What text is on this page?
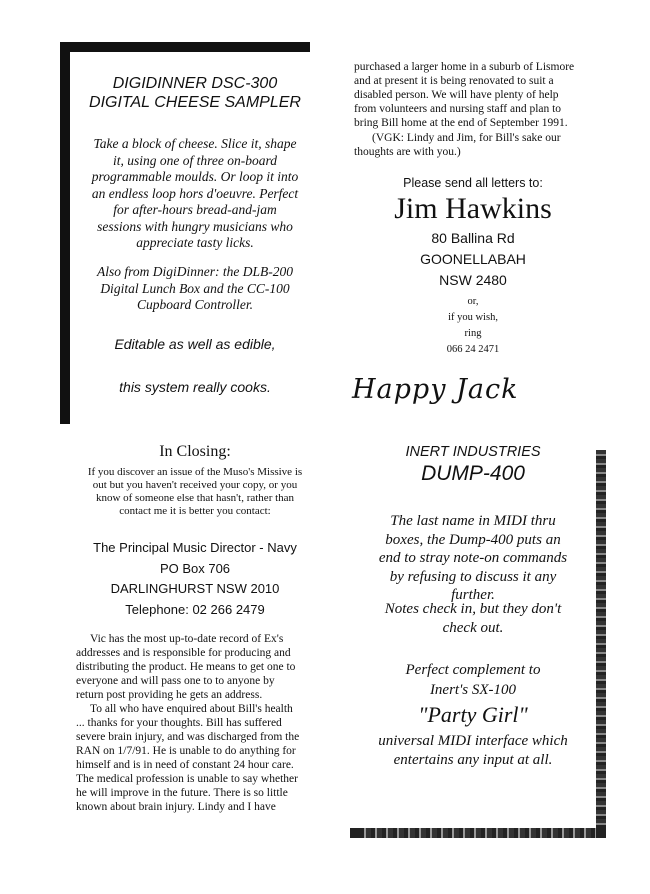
DIGIDINNER DSC-300
DIGITAL CHEESE SAMPLER
Take a block of cheese. Slice it, shape
it, using one of three on-board
programmable moulds. Or loop it into
an endless loop hors d'oeuvre. Perfect
for after-hours bread-and-jam
sessions with hungry musicians who
appreciate tasty licks.
Also from DigiDinner: the DLB-200
Digital Lunch Box and the CC-100
Cupboard Controller.
Editable as well as edible,
this system really cooks.
In Closing:
If you discover an issue of the Muso's Missive is
out but you haven't received your copy, or you
know of someone else that hasn't, rather than
contact me it is better you contact:
The Principal Music Director - Navy
PO Box 706
DARLINGHURST NSW 2010
Telephone: 02 266 2479
Vic has the most up-to-date record of Ex's
addresses and is responsible for producing and
distributing the product. He means to get one to
everyone and will pass one to to anyone by
return post providing he gets an address.
To all who have enquired about Bill's health
... thanks for your thoughts. Bill has suffered
severe brain injury, and was discharged from the
RAN on 1/7/91. He is unable to do anything for
himself and is in need of constant 24 hour care.
The medical profession is unable to say whether
he will improve in the future. There is so little
known about brain injury. Lindy and I have
purchased a larger home in a suburb of Lismore
and at present it is being renovated to suit a
disabled person. We will have plenty of help
from volunteers and nursing staff and plan to
bring Bill home at the end of September 1991.
(VGK: Lindy and Jim, for Bill's sake our
thoughts are with you.)
Please send all letters to:
Jim Hawkins
80 Ballina Rd
GOONELLABAH
NSW 2480
or,
if you wish,
ring
066 24 2471
Happy Jack
INERT INDUSTRIES
DUMP-400
The last name in MIDI thru
boxes, the Dump-400 puts an
end to stray note-on commands
by refusing to discuss it any
further.
Notes check in, but they don't
check out.
Perfect complement to
Inert's SX-100
"Party Girl"
universal MIDI interface which
entertains any input at all.
